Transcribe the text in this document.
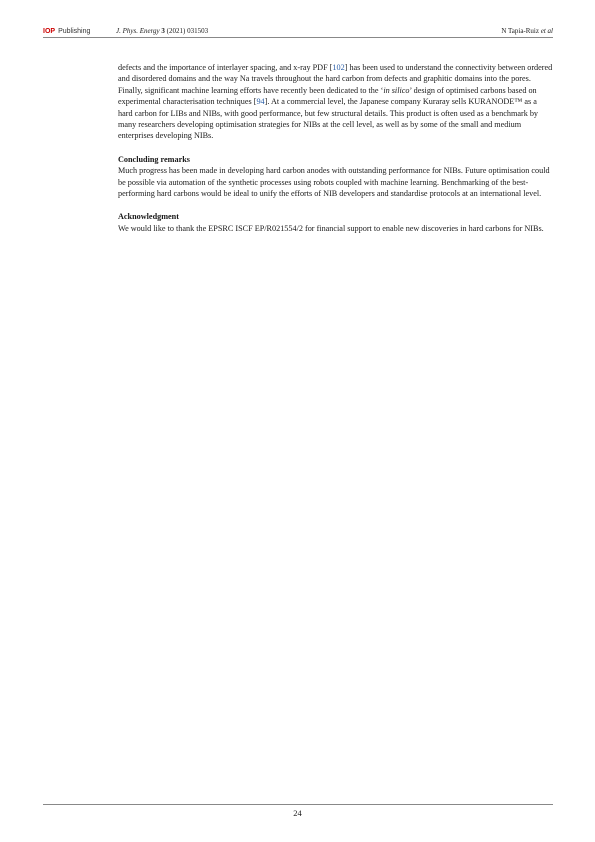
IOP Publishing	J. Phys. Energy 3 (2021) 031503	N Tapia-Ruiz et al

defects and the importance of interlayer spacing, and x-ray PDF [102] has been used to understand the connectivity between ordered and disordered domains and the way Na travels throughout the hard carbon from defects and graphitic domains into the pores. Finally, significant machine learning efforts have recently been dedicated to the ‘in silico’ design of optimised carbons based on experimental characterisation techniques [94]. At a commercial level, the Japanese company Kuraray sells KURANODE™ as a hard carbon for LIBs and NIBs, with good performance, but few structural details. This product is often used as a benchmark by many researchers developing optimisation strategies for NIBs at the cell level, as well as by some of the small and medium enterprises developing NIBs.

Concluding remarks

Much progress has been made in developing hard carbon anodes with outstanding performance for NIBs. Future optimisation could be possible via automation of the synthetic processes using robots coupled with machine learning. Benchmarking of the best-performing hard carbons would be ideal to unify the efforts of NIB developers and standardise protocols at an international level.

Acknowledgment

We would like to thank the EPSRC ISCF EP/R021554/2 for financial support to enable new discoveries in hard carbons for NIBs.

24
